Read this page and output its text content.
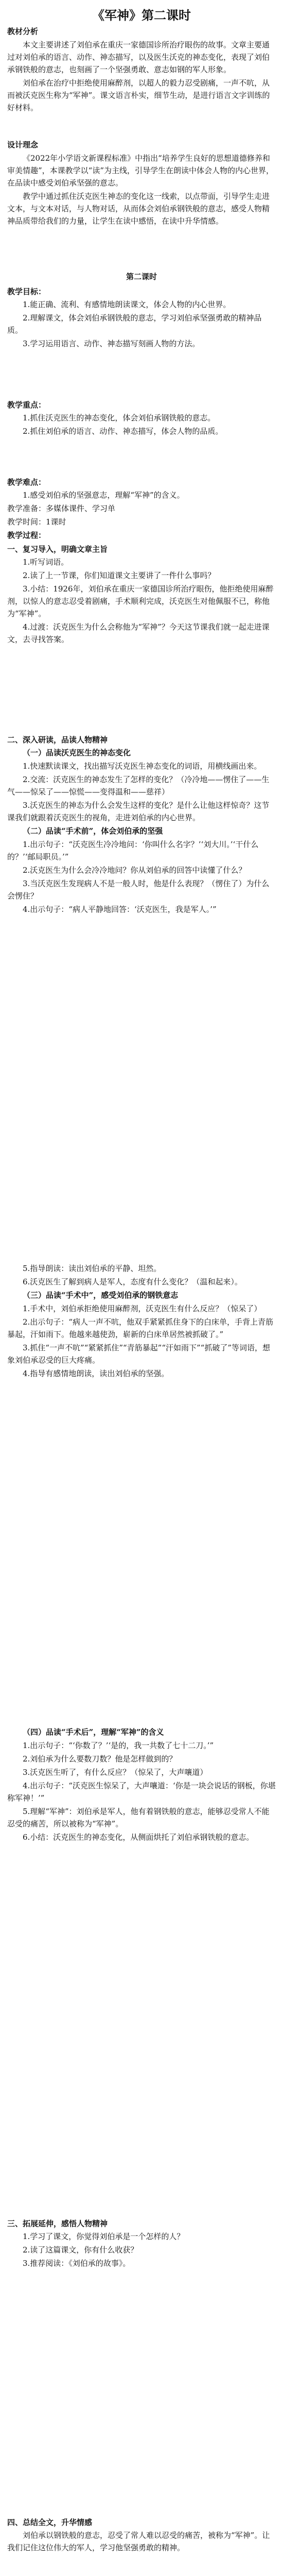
《军神》第二课时
教材分析

本文主要讲述了刘伯承在重庆一家德国诊所治疗眼伤的故事。文章主要通过对刘伯承的语言、动作、神态描写，以及医生沃克的神态变化，表现了刘伯承钢铁般的意志，也刻画了一个坚强勇敢、意志如钢的军人形象。

刘伯承在治疗中拒绝使用麻醉剂，以超人的毅力忍受剧痛，一声不吭，从而被沃克医生称为“军神”。课文语言朴实，细节生动，是进行语言文字训练的好材料。

设计理念

《2022年小学语文新课程标准》中指出“培养学生良好的思想道德修养和审美情趣”，本课教学以“读”为主线，引导学生在朗读中体会人物的内心世界，在品读中感受刘伯承坚强的意志。

教学中通过抓住沃克医生神态的变化这一线索，以点带面，引导学生走进文本，与文本对话，与人物对话，从而体会刘伯承钢铁般的意志，感受人物精神品质带给我们的力量，让学生在读中感悟，在读中升华情感。

第二课时
教学目标：

1.能正确、流利、有感情地朗读课文，体会人物的内心世界。

2.理解课文，体会刘伯承钢铁般的意志，学习刘伯承坚强勇敢的精神品质。

3.学习运用语言、动作、神态描写刻画人物的方法。

教学重点：

1.抓住沃克医生的神态变化，体会刘伯承钢铁般的意志。

2.抓住刘伯承的语言、动作、神态描写，体会人物的品质。

教学难点：

1.感受刘伯承的坚强意志，理解“军神”的含义。

教学准备：多媒体课件、学习单

教学时间：1课时

教学过程：

一、复习导入，明确文章主旨

1.听写词语。

2.读了上一节课，你们知道课文主要讲了一件什么事吗？

3.小结：1926年，刘伯承在重庆一家德国诊所治疗眼伤，他拒绝使用麻醉剂，以惊人的意志忍受着剧痛，手术顺利完成，沃克医生对他佩服不已，称他为“军神”。

4.过渡：沃克医生为什么会称他为“军神”？今天这节课我们就一起走进课文，去寻找答案。

二、深入研读，品读人物精神

（一）品读沃克医生的神态变化

1.快速默读课文，找出描写沃克医生神态变化的词语，用横线画出来。

2.交流：沃克医生的神态发生了怎样的变化？（冷冷地——愣住了——生气——惊呆了——惊慌——变得温和——慈祥）

3.沃克医生的神态为什么会发生这样的变化？是什么让他这样惊奇？这节课我们就跟着沃克医生的视角，走进刘伯承的内心世界。

（二）品读“手术前”，体会刘伯承的坚强

1.出示句子：“沃克医生冷冷地问：‘你叫什么名字？’‘刘大川。’‘干什么的？’‘邮局职员。’”

2.沃克医生为什么会冷冷地问？你从刘伯承的回答中读懂了什么？

3.当沃克医生发现病人不是一般人时，他是什么表现？（愣住了）为什么会愣住？

4.出示句子：“病人平静地回答：‘沃克医生，我是军人。’”

5.指导朗读：读出刘伯承的平静、坦然。

6.沃克医生了解到病人是军人，态度有什么变化？（温和起来）。

（三）品读“手术中”，感受刘伯承的钢铁意志

1.手术中，刘伯承拒绝使用麻醉剂，沃克医生有什么反应？（惊呆了）

2.出示句子：“病人一声不吭，他双手紧紧抓住身下的白床单，手背上青筋暴起，汗如雨下。他越来越使劲，崭新的白床单居然被抓破了。”

3.抓住“一声不吭”“紧紧抓住”“青筋暴起”“汗如雨下”“抓破了”等词语，想象刘伯承忍受的巨大疼痛。

4.指导有感情地朗读，读出刘伯承的坚强。

（四）品读“手术后”，理解“军神”的含义

1.出示句子：“‘你数了？’‘是的，我一共数了七十二刀。’”

2.刘伯承为什么要数刀数？他是怎样做到的？

3.沃克医生听了，有什么反应？（惊呆了，大声嚷道）

4.出示句子：“沃克医生惊呆了，大声嚷道：‘你是一块会说话的钢板，你堪称军神！’”

5.理解“军神”：刘伯承是军人，他有着钢铁般的意志，能够忍受常人不能忍受的痛苦，所以被称为“军神”。

6.小结：沃克医生的神态变化，从侧面烘托了刘伯承钢铁般的意志。

三、拓展延伸，感悟人物精神

1.学习了课文，你觉得刘伯承是一个怎样的人？

2.读了这篇课文，你有什么收获？

3.推荐阅读：《刘伯承的故事》。

四、总结全文，升华情感

刘伯承以钢铁般的意志，忍受了常人难以忍受的痛苦，被称为“军神”。让我们记住这位伟大的军人，学习他坚强勇敢的精神。
